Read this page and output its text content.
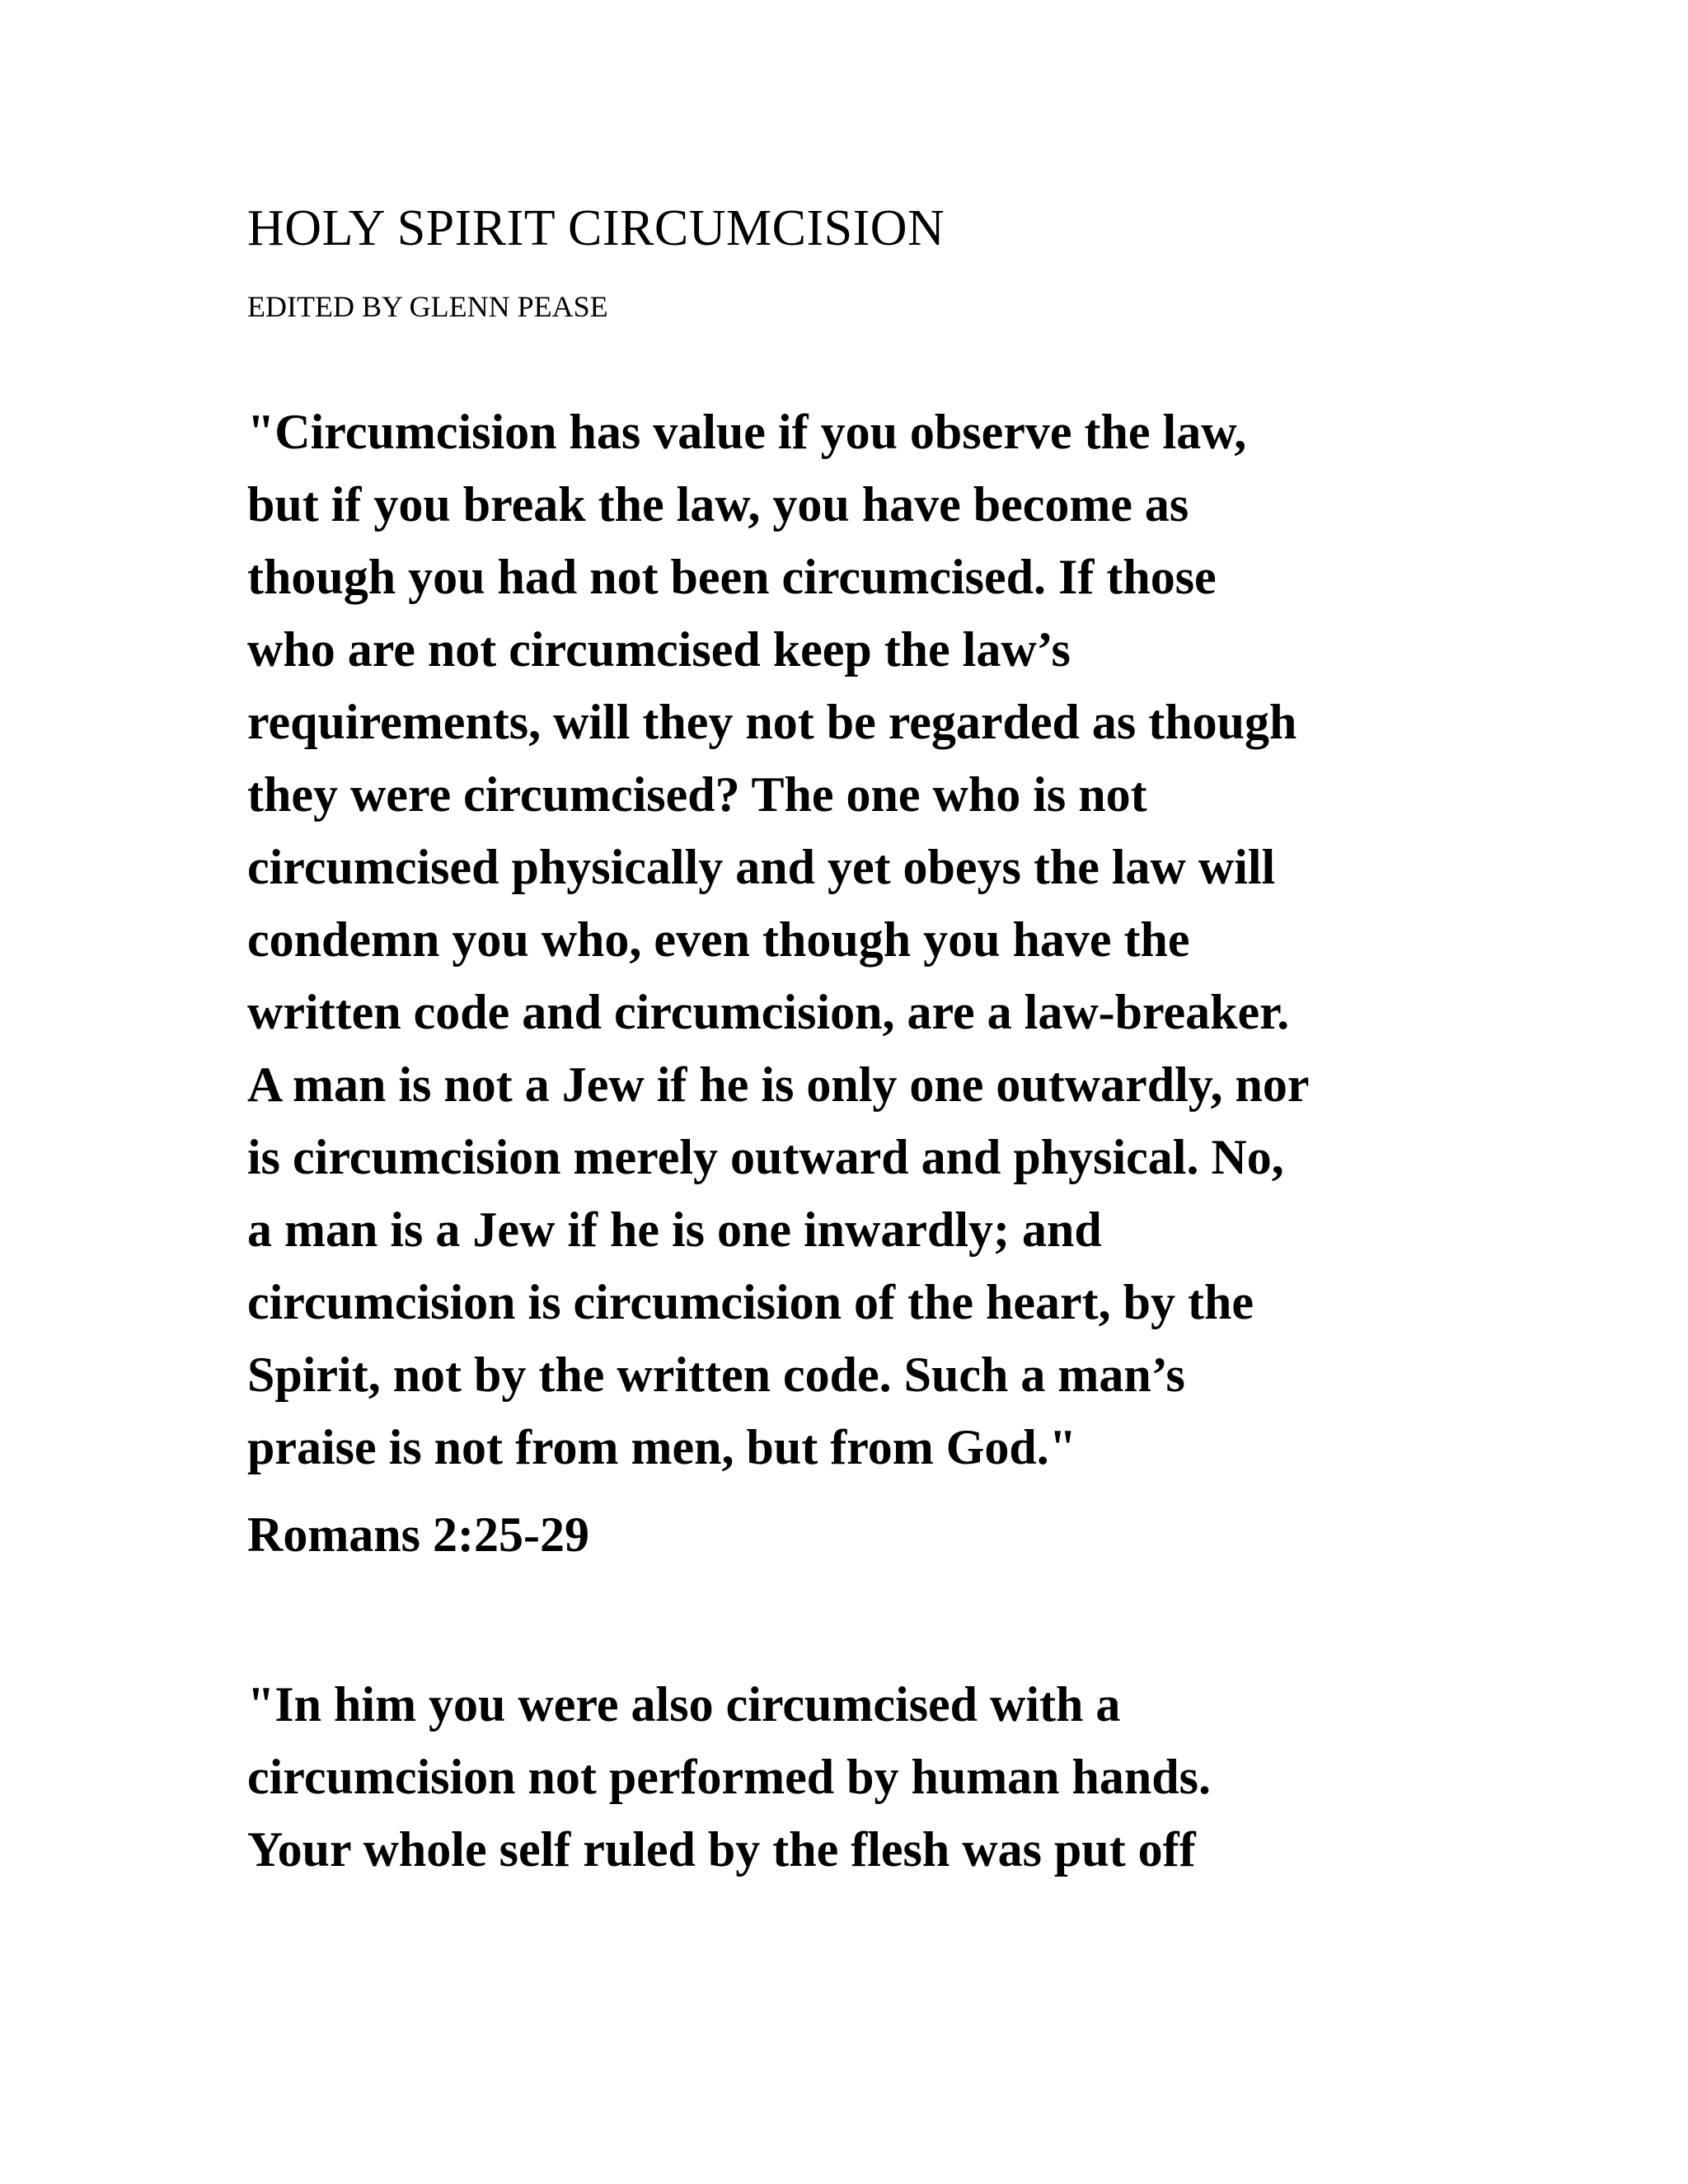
HOLY SPIRIT CIRCUMCISION
EDITED BY GLENN PEASE

"Circumcision has value if you observe the law,
but if you break the law, you have become as
though you had not been circumcised. If those
who are not circumcised keep the law’s
requirements, will they not be regarded as though
they were circumcised? The one who is not
circumcised physically and yet obeys the law will
condemn you who, even though you have the
written code and circumcision, are a law-breaker.
A man is not a Jew if he is only one outwardly, nor
is circumcision merely outward and physical. No,
a man is a Jew if he is one inwardly; and
circumcision is circumcision of the heart, by the
Spirit, not by the written code. Such a man’s
praise is not from men, but from God."

Romans 2:25-29

"In him you were also circumcised with a
circumcision not performed by human hands.
Your whole self ruled by the flesh was put off
